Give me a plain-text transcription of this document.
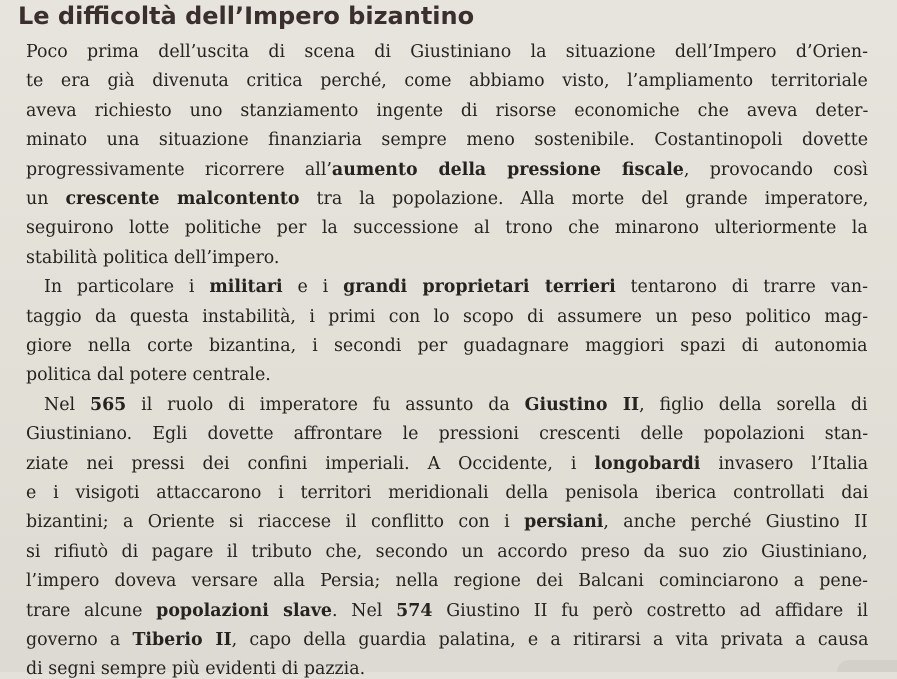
Le difficoltà dell’Impero bizantino
Poco prima dell’uscita di scena di Giustiniano la situazione dell’Impero d’Orien-
te era già divenuta critica perché, come abbiamo visto, l’ampliamento territoriale
aveva richiesto uno stanziamento ingente di risorse economiche che aveva deter-
minato una situazione finanziaria sempre meno sostenibile. Costantinopoli dovette
progressivamente ricorrere all’aumento della pressione fiscale, provocando così
un crescente malcontento tra la popolazione. Alla morte del grande imperatore,
seguirono lotte politiche per la successione al trono che minarono ulteriormente la
stabilità politica dell’impero.
In particolare i militari e i grandi proprietari terrieri tentarono di trarre van-
taggio da questa instabilità, i primi con lo scopo di assumere un peso politico mag-
giore nella corte bizantina, i secondi per guadagnare maggiori spazi di autonomia
politica dal potere centrale.
Nel 565 il ruolo di imperatore fu assunto da Giustino II, figlio della sorella di
Giustiniano. Egli dovette affrontare le pressioni crescenti delle popolazioni stan-
ziate nei pressi dei confini imperiali. A Occidente, i longobardi invasero l’Italia
e i visigoti attaccarono i territori meridionali della penisola iberica controllati dai
bizantini; a Oriente si riaccese il conflitto con i persiani, anche perché Giustino II
si rifiutò di pagare il tributo che, secondo un accordo preso da suo zio Giustiniano,
l’impero doveva versare alla Persia; nella regione dei Balcani cominciarono a pene-
trare alcune popolazioni slave. Nel 574 Giustino II fu però costretto ad affidare il
governo a Tiberio II, capo della guardia palatina, e a ritirarsi a vita privata a causa
di segni sempre più evidenti di pazzia.
